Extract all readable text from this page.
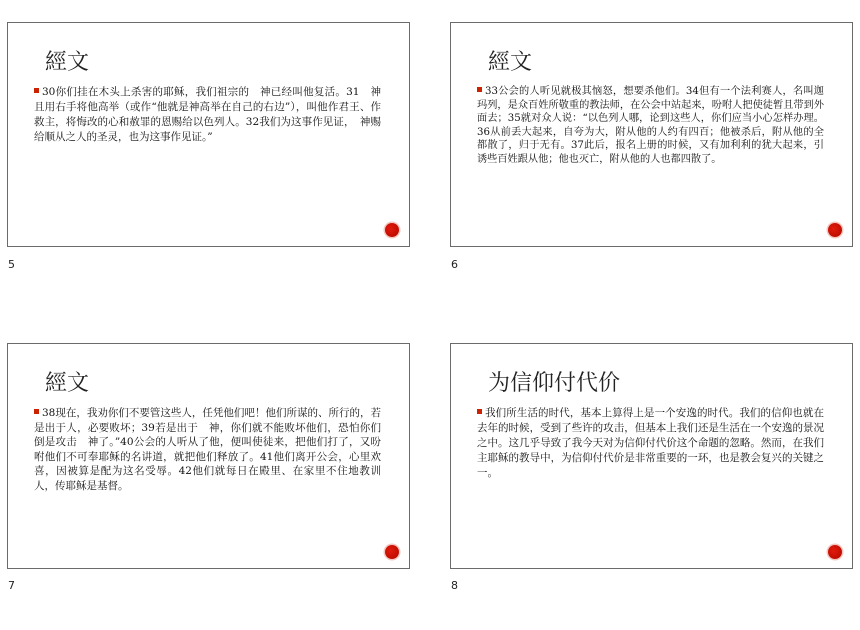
經文
30你们挂在木头上杀害的耶稣，我们祖宗的　神已经叫他复活。31　神且用右手将他高举（或作“他就是神高举在自己的右边”），叫他作君王、作救主，将悔改的心和赦罪的恩赐给以色列人。32我们为这事作见证，　神赐给顺从之人的圣灵，也为这事作见证。”
5
經文
33公会的人听见就极其恼怒，想要杀他们。34但有一个法利赛人，名叫迦玛列，是众百姓所敬重的教法师，在公会中站起来，吩咐人把使徒暂且带到外面去；35就对众人说：“以色列人哪，论到这些人，你们应当小心怎样办理。36从前丢大起来，自夸为大，附从他的人约有四百；他被杀后，附从他的全都散了，归于无有。37此后，报名上册的时候，又有加利利的犹大起来，引诱些百姓跟从他；他也灭亡，附从他的人也都四散了。
6
經文
38现在，我劝你们不要管这些人，任凭他们吧！他们所谋的、所行的，若是出于人，必要败坏；39若是出于　神，你们就不能败坏他们，恐怕你们倒是攻击　神了。”40公会的人听从了他，便叫使徒来，把他们打了，又吩咐他们不可奉耶稣的名讲道，就把他们释放了。41他们离开公会，心里欢喜，因被算是配为这名受辱。42他们就每日在殿里、在家里不住地教训人，传耶稣是基督。
7
为信仰付代价
我们所生活的时代，基本上算得上是一个安逸的时代。我们的信仰也就在去年的时候，受到了些许的攻击，但基本上我们还是生活在一个安逸的景况之中。这几乎导致了我今天对为信仰付代价这个命题的忽略。然而，在我们主耶稣的教导中，为信仰付代价是非常重要的一环，也是教会复兴的关键之一。
8
